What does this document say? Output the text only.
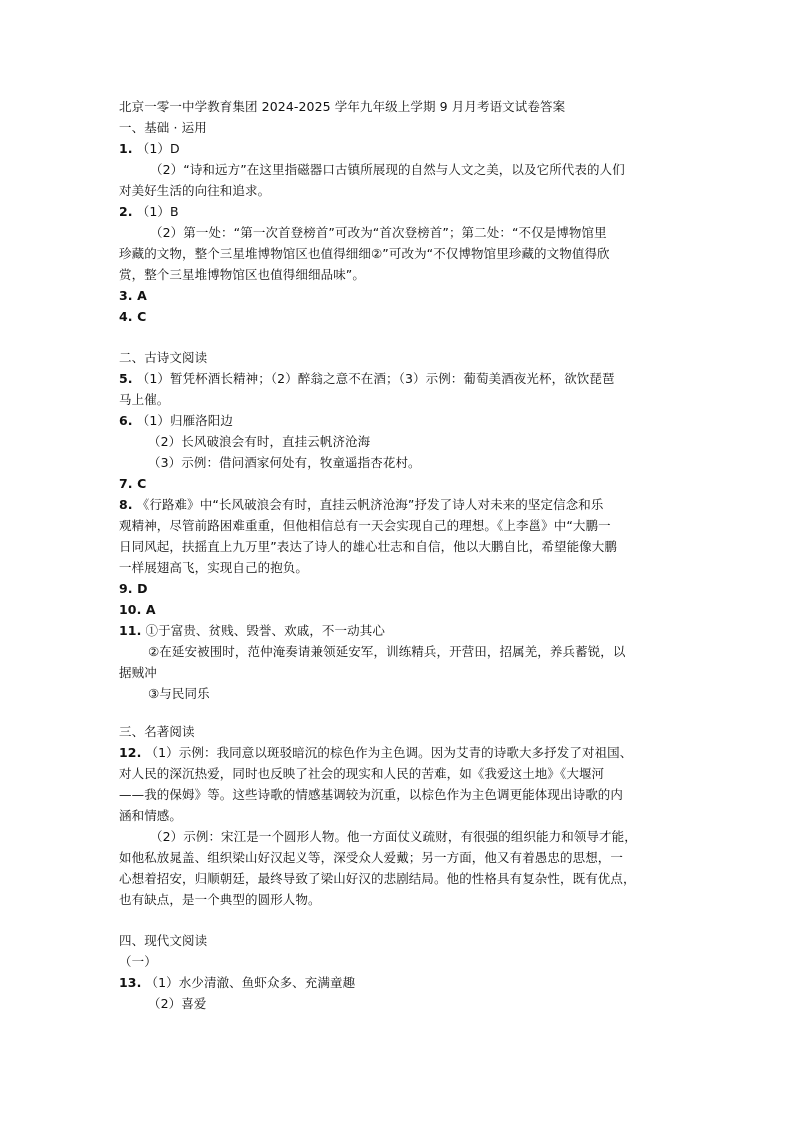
北京一零一中学教育集团 2024-2025 学年九年级上学期 9 月月考语文试卷答案
一、基础 · 运用
1. （1）D
（2）“诗和远方”在这里指磁器口古镇所展现的自然与人文之美，以及它所代表的人们
对美好生活的向往和追求。
2. （1）B
（2）第一处：“第一次首登榜首”可改为“首次登榜首”；第二处：“不仅是博物馆里
珍藏的文物，整个三星堆博物馆区也值得细细②”可改为“不仅博物馆里珍藏的文物值得欣
赏，整个三星堆博物馆区也值得细细品味”。
3. A
4. C
二、古诗文阅读
5. （1）暂凭杯酒长精神；（2）醉翁之意不在酒；（3）示例：葡萄美酒夜光杯，欲饮琵琶
马上催。
6. （1）归雁洛阳边
（2）长风破浪会有时，直挂云帆济沧海
（3）示例：借问酒家何处有，牧童遥指杏花村。
7. C
8. 《行路难》中“长风破浪会有时，直挂云帆济沧海”抒发了诗人对未来的坚定信念和乐
观精神，尽管前路困难重重，但他相信总有一天会实现自己的理想。《上李邕》中“大鹏一
日同风起，扶摇直上九万里”表达了诗人的雄心壮志和自信，他以大鹏自比，希望能像大鹏
一样展翅高飞，实现自己的抱负。
9. D
10. A
11. ①于富贵、贫贱、毁誉、欢戚，不一动其心
②在延安被围时，范仲淹奏请兼领延安军，训练精兵，开营田，招属羌，养兵蓄锐，以
据贼冲
③与民同乐
三、名著阅读
12. （1）示例：我同意以斑驳暗沉的棕色作为主色调。因为艾青的诗歌大多抒发了对祖国、
对人民的深沉热爱，同时也反映了社会的现实和人民的苦难，如《我爱这土地》《大堰河
——我的保姆》等。这些诗歌的情感基调较为沉重，以棕色作为主色调更能体现出诗歌的内
涵和情感。
（2）示例：宋江是一个圆形人物。他一方面仗义疏财，有很强的组织能力和领导才能，
如他私放晁盖、组织梁山好汉起义等，深受众人爱戴；另一方面，他又有着愚忠的思想，一
心想着招安，归顺朝廷，最终导致了梁山好汉的悲剧结局。他的性格具有复杂性，既有优点，
也有缺点，是一个典型的圆形人物。
四、现代文阅读
（一）
13. （1）水少清澈、鱼虾众多、充满童趣
（2）喜爱
